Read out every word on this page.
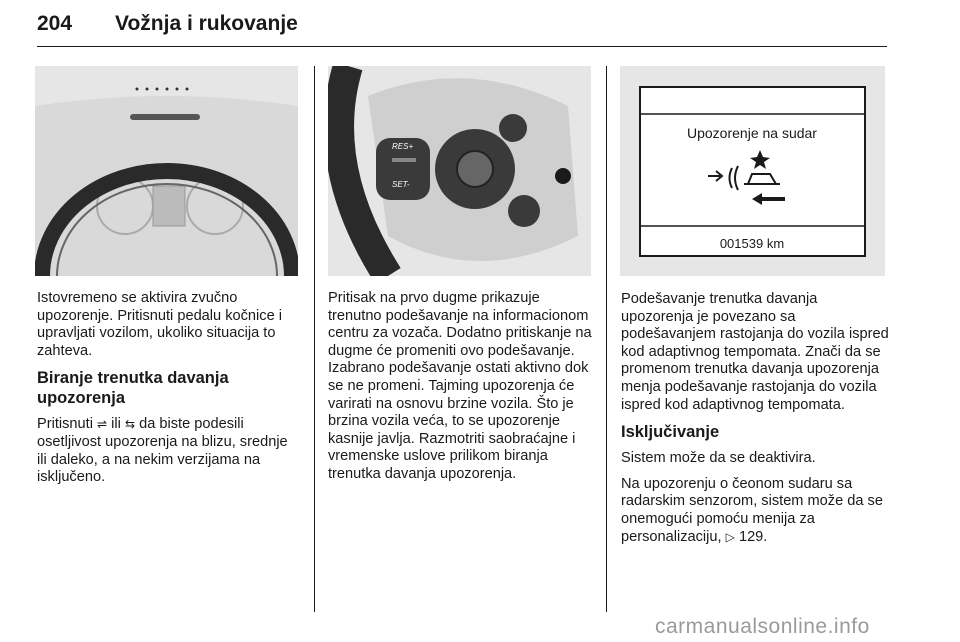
204 Vožnja i rukovanje
RES+
SET-
Upozorenje na sudar
001539 km

Istovremeno se aktivira zvučno upozorenje. Pritisnuti pedalu kočnice i upravljati vozilom, ukoliko situacija to zahteva.

Biranje trenutka davanja upozorenja

Pritisnuti ⇌ ili ⇆ da biste podesili osetljivost upozorenja na blizu, srednje ili daleko, a na nekim verzijama na isključeno.

Pritisak na prvo dugme prikazuje trenutno podešavanje na informacionom centru za vozača. Dodatno pritiskanje na dugme će promeniti ovo podešavanje. Izabrano podešavanje ostati aktivno dok se ne promeni. Tajming upozorenja će varirati na osnovu brzine vozila. Što je brzina vozila veća, to se upozorenje kasnije javlja. Razmotriti saobraćajne i vremenske uslove prilikom biranja trenutka davanja upozorenja.

Podešavanje trenutka davanja upozorenja je povezano sa podešavanjem rastojanja do vozila ispred kod adaptivnog tempomata. Znači da se promenom trenutka davanja upozorenja menja podešavanje rastojanja do vozila ispred kod adaptivnog tempomata.

Isključivanje

Sistem može da se deaktivira.

Na upozorenju o čeonom sudaru sa radarskim senzorom, sistem može da se onemogući pomoću menija za personalizaciju, ▷ 129.

carmanualsonline.info
